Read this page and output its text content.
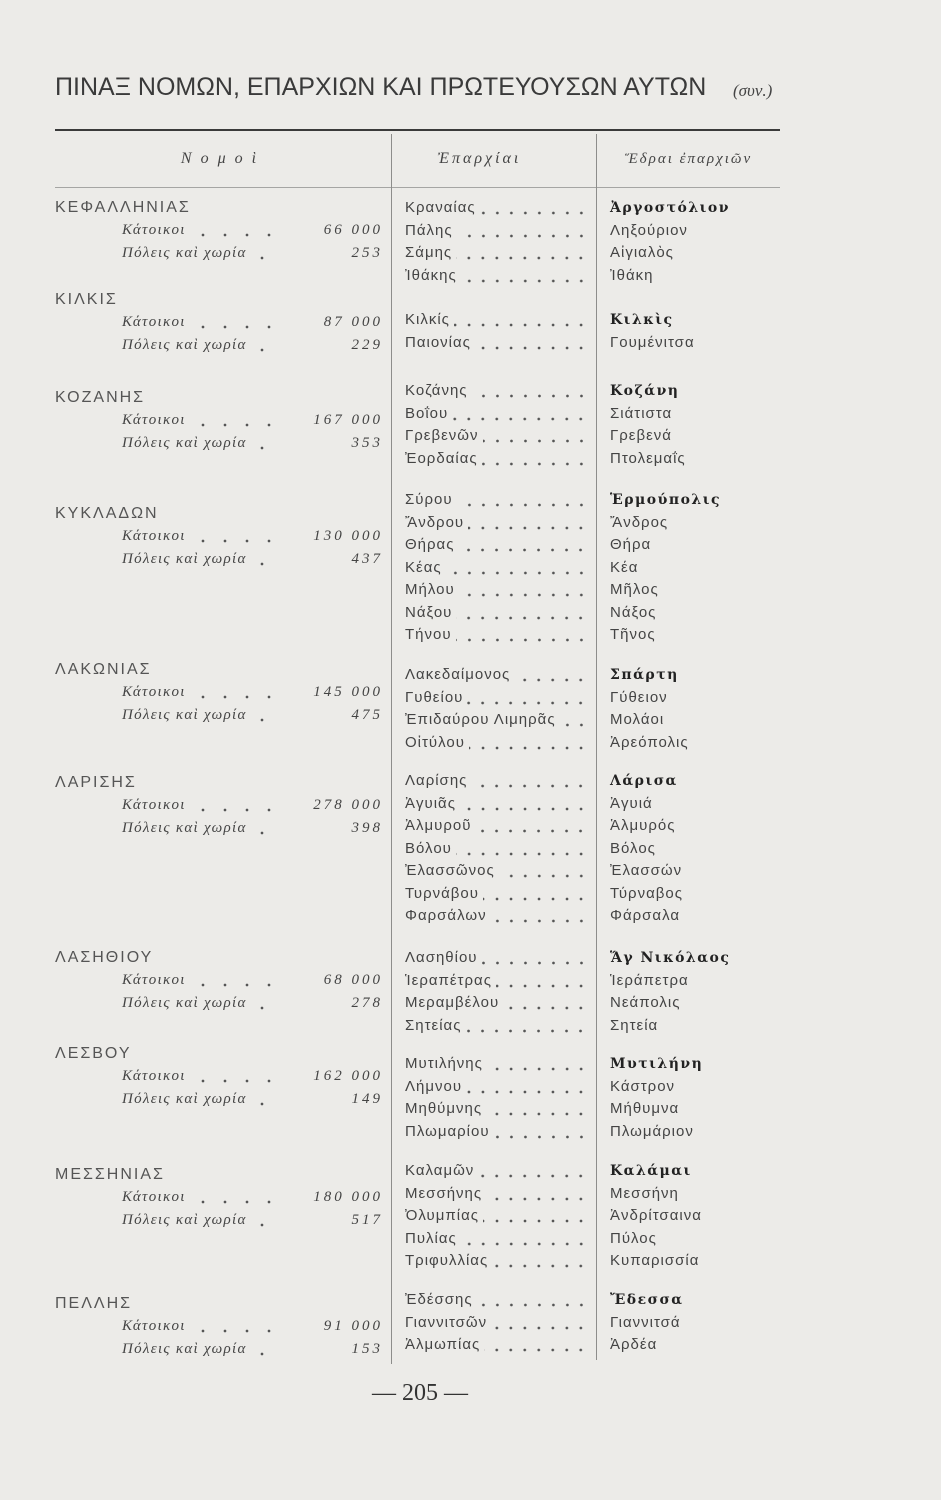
ΠΙΝΑΞ ΝΟΜΩΝ, ΕΠΑΡΧΙΩΝ ΚΑΙ ΠΡΩΤΕΥΟΥΣΩΝ ΑΥΤΩΝ (συν.)
Νομοὶ	Ἐπαρχίαι	Ἕδραι ἐπαρχιῶν
ΚΕΦΑΛΛΗΝΙΑΣ
Κάτοικοι	66 000
Πόλεις καὶ χωρία	253
Κραναίας	Ἀργοστόλιον
Πάλης	Ληξούριον
Σάμης	Αἰγιαλὸς
Ἰθάκης	Ἰθάκη
ΚΙΛΚΙΣ
Κάτοικοι	87 000
Πόλεις καὶ χωρία	229
Κιλκίς	Κιλκὶς
Παιονίας	Γουμένιτσα
ΚΟΖΑΝΗΣ
Κάτοικοι	167 000
Πόλεις καὶ χωρία	353
Κοζάνης	Κοζάνη
Βοΐου	Σιάτιστα
Γρεβενῶν	Γρεβενά
Ἐορδαίας	Πτολεμαΐς
ΚΥΚΛΑΔΩΝ
Κάτοικοι	130 000
Πόλεις καὶ χωρία	437
Σύρου	Ἑρμούπολις
Ἄνδρου	Ἄνδρος
Θήρας	Θήρα
Κέας	Κέα
Μήλου	Μῆλος
Νάξου	Νάξος
Τήνου	Τῆνος
ΛΑΚΩΝΙΑΣ
Κάτοικοι	145 000
Πόλεις καὶ χωρία	475
Λακεδαίμονος	Σπάρτη
Γυθείου	Γύθειον
Ἐπιδαύρου Λιμηρᾶς	Μολάοι
Οἰτύλου	Ἀρεόπολις
ΛΑΡΙΣΗΣ
Κάτοικοι	278 000
Πόλεις καὶ χωρία	398
Λαρίσης	Λάρισα
Ἀγυιᾶς	Ἀγυιά
Ἀλμυροῦ	Ἁλμυρός
Βόλου	Βόλος
Ἐλασσῶνος	Ἐλασσών
Τυρνάβου	Τύρναβος
Φαρσάλων	Φάρσαλα
ΛΑΣΗΘΙΟΥ
Κάτοικοι	68 000
Πόλεις καὶ χωρία	278
Λασηθίου	Ἅγ Νικόλαος
Ἱεραπέτρας	Ἱεράπετρα
Μεραμβέλου	Νεάπολις
Σητείας	Σητεία
ΛΕΣΒΟΥ
Κάτοικοι	162 000
Πόλεις καὶ χωρία	149
Μυτιλήνης	Μυτιλήνη
Λήμνου	Κάστρον
Μηθύμνης	Μήθυμνα
Πλωμαρίου	Πλωμάριον
ΜΕΣΣΗΝΙΑΣ
Κάτοικοι	180 000
Πόλεις καὶ χωρία	517
Καλαμῶν	Καλάμαι
Μεσσήνης	Μεσσήνη
Ὀλυμπίας	Ἀνδρίτσαινα
Πυλίας	Πύλος
Τριφυλλίας	Κυπαρισσία
ΠΕΛΛΗΣ
Κάτοικοι	91 000
Πόλεις καὶ χωρία	153
Ἐδέσσης	Ἔδεσσα
Γιαννιτσῶν	Γιαννιτσά
Ἀλμωπίας	Ἀρδέα
— 205 —
